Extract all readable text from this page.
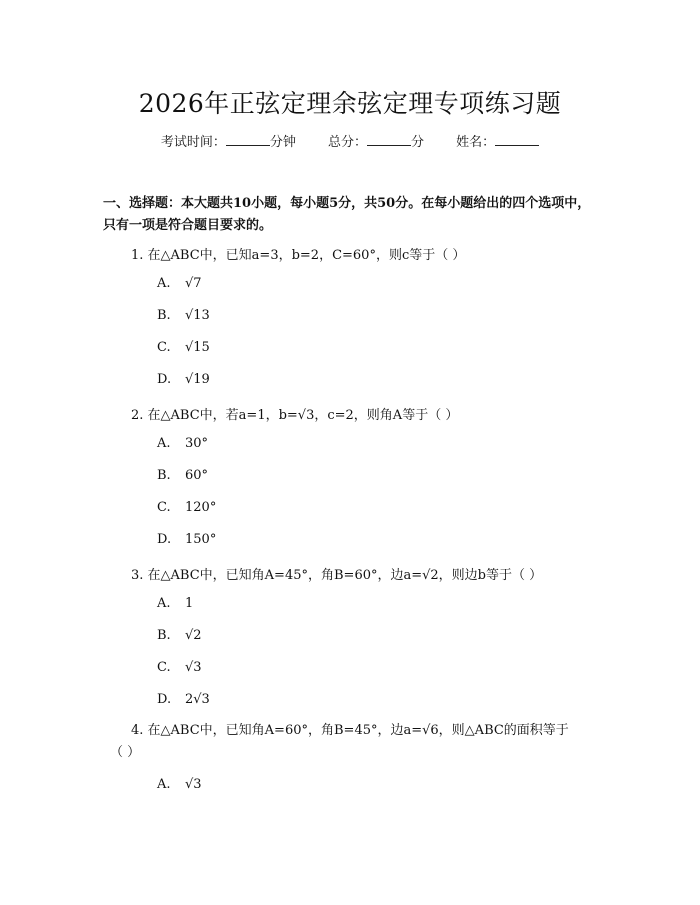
2026年正弦定理余弦定理专项练习题
考试时间：	分钟 总分：	分 姓名：
一、选择题：本大题共10小题，每小题5分，共50分。在每小题给出的四个选项中，只有一项是符合题目要求的。
1. 在△ABC中，已知a=3，b=2，C=60°，则c等于（ ）
A. √7
B. √13
C. √15
D. √19
2. 在△ABC中，若a=1，b=√3，c=2，则角A等于（ ）
A. 30°
B. 60°
C. 120°
D. 150°
3. 在△ABC中，已知角A=45°，角B=60°，边a=√2，则边b等于（ ）
A. 1
B. √2
C. √3
D. 2√3
4. 在△ABC中，已知角A=60°，角B=45°，边a=√6，则△ABC的面积等于（ ）
A. √3
